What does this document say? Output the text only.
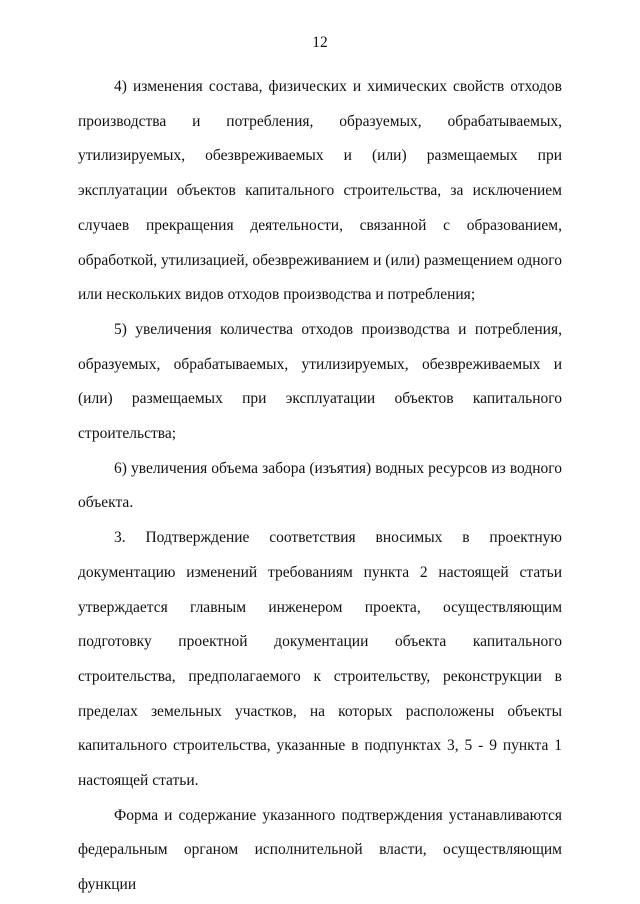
12

4) изменения состава, физических и химических свойств отходов производства и потребления, образуемых, обрабатываемых, утилизируемых, обезвреживаемых и (или) размещаемых при эксплуатации объектов капитального строительства, за исключением случаев прекращения деятельности, связанной с образованием, обработкой, утилизацией, обезвреживанием и (или) размещением одного или нескольких видов отходов производства и потребления;

5) увеличения количества отходов производства и потребления, образуемых, обрабатываемых, утилизируемых, обезвреживаемых и (или) размещаемых при эксплуатации объектов капитального строительства;

6) увеличения объема забора (изъятия) водных ресурсов из водного объекта.

3. Подтверждение соответствия вносимых в проектную документацию изменений требованиям пункта 2 настоящей статьи утверждается главным инженером проекта, осуществляющим подготовку проектной документации объекта капитального строительства, предполагаемого к строительству, реконструкции в пределах земельных участков, на которых расположены объекты капитального строительства, указанные в подпунктах 3, 5 - 9 пункта 1 настоящей статьи.

Форма и содержание указанного подтверждения устанавливаются федеральным органом исполнительной власти, осуществляющим функции
